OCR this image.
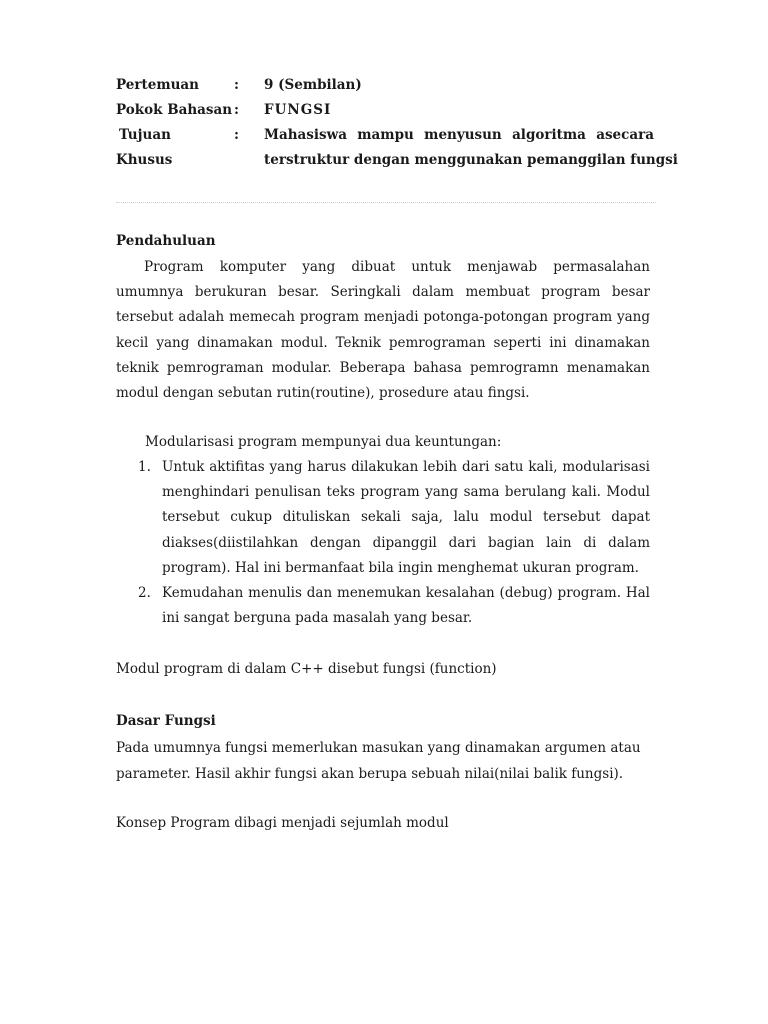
Pertemuan	: 9 (Sembilan)
Pokok Bahasan : FUNGSI
Tujuan	: Mahasiswa mampu menyusun algoritma asecara
Khusus	terstruktur dengan menggunakan pemanggilan fungsi
Pendahuluan

Program komputer yang dibuat untuk menjawab permasalahan umumnya berukuran besar. Seringkali dalam membuat program besar tersebut adalah memecah program menjadi potonga-potongan program yang kecil yang dinamakan modul. Teknik pemrograman seperti ini dinamakan teknik pemrograman modular. Beberapa bahasa pemrogramn menamakan modul dengan sebutan rutin(routine), prosedure atau fingsi.

Modularisasi program mempunyai dua keuntungan:
1. Untuk aktifitas yang harus dilakukan lebih dari satu kali, modularisasi menghindari penulisan teks program yang sama berulang kali. Modul tersebut cukup dituliskan sekali saja, lalu modul tersebut dapat diakses(diistilahkan dengan dipanggil dari bagian lain di dalam program). Hal ini bermanfaat bila ingin menghemat ukuran program.
2. Kemudahan menulis dan menemukan kesalahan (debug) program. Hal ini sangat berguna pada masalah yang besar.
Modul program di dalam C++ disebut fungsi (function)
Dasar Fungsi
Pada umumnya fungsi memerlukan masukan yang dinamakan argumen atau
parameter. Hasil akhir fungsi akan berupa sebuah nilai(nilai balik fungsi).
Konsep Program dibagi menjadi sejumlah modul
